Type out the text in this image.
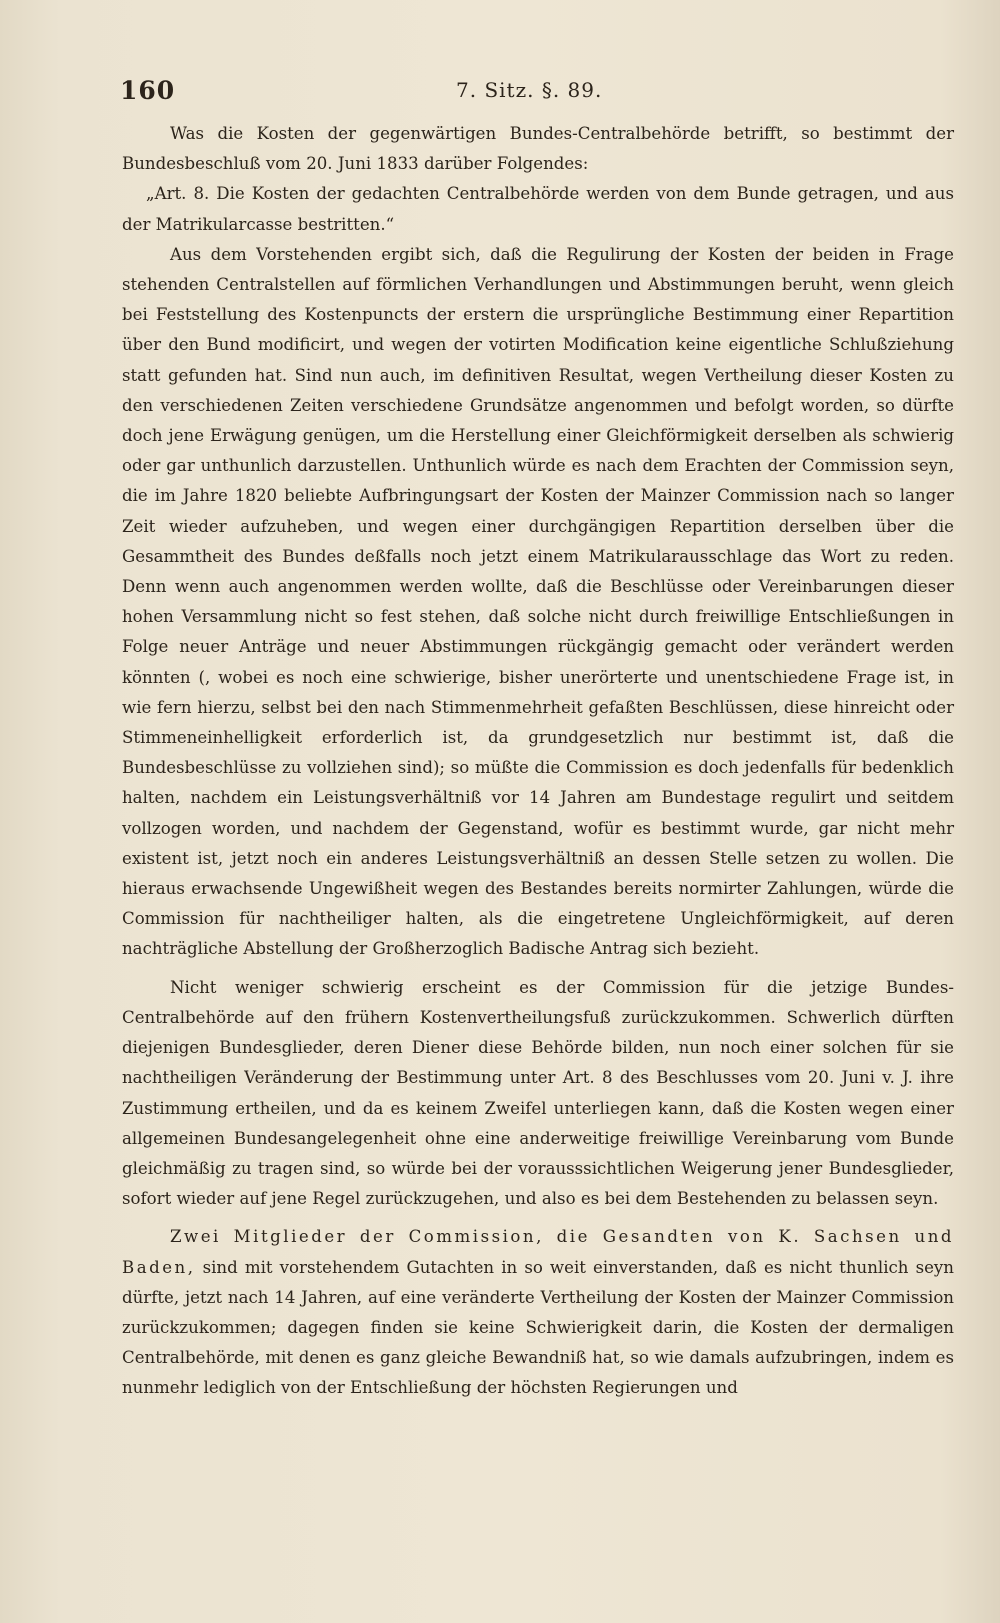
160	7. Sitz. §. 89.

Was die Kosten der gegenwärtigen Bundes-Centralbehörde betrifft, so bestimmt der Bundesbeschluß vom 20. Juni 1833 darüber Folgendes:

„Art. 8. Die Kosten der gedachten Centralbehörde werden von dem Bunde getragen, und aus der Matrikularcasse bestritten.“

Aus dem Vorstehenden ergibt sich, daß die Regulirung der Kosten der beiden in Frage stehenden Centralstellen auf förmlichen Verhandlungen und Abstimmungen beruht, wenn gleich bei Feststellung des Kostenpuncts der erstern die ursprüngliche Bestimmung einer Repartition über den Bund modificirt, und wegen der votirten Modification keine eigentliche Schlußziehung statt gefunden hat. Sind nun auch, im definitiven Resultat, wegen Vertheilung dieser Kosten zu den verschiedenen Zeiten verschiedene Grundsätze angenommen und befolgt worden, so dürfte doch jene Erwägung genügen, um die Herstellung einer Gleichförmigkeit derselben als schwierig oder gar unthunlich darzustellen. Unthunlich würde es nach dem Erachten der Commission seyn, die im Jahre 1820 beliebte Aufbringungsart der Kosten der Mainzer Commission nach so langer Zeit wieder aufzuheben, und wegen einer durchgängigen Repartition derselben über die Gesammtheit des Bundes deßfalls noch jetzt einem Matrikularausschlage das Wort zu reden. Denn wenn auch angenommen werden wollte, daß die Beschlüsse oder Vereinbarungen dieser hohen Versammlung nicht so fest stehen, daß solche nicht durch freiwillige Entschließungen in Folge neuer Anträge und neuer Abstimmungen rückgängig gemacht oder verändert werden könnten (, wobei es noch eine schwierige, bisher unerörterte und unentschiedene Frage ist, in wie fern hierzu, selbst bei den nach Stimmenmehrheit gefaßten Beschlüssen, diese hinreicht oder Stimmeneinhelligkeit erforderlich ist, da grundgesetzlich nur bestimmt ist, daß die Bundesbeschlüsse zu vollziehen sind); so müßte die Commission es doch jedenfalls für bedenklich halten, nachdem ein Leistungsverhältniß vor 14 Jahren am Bundestage regulirt und seitdem vollzogen worden, und nachdem der Gegenstand, wofür es bestimmt wurde, gar nicht mehr existent ist, jetzt noch ein anderes Leistungsverhältniß an dessen Stelle setzen zu wollen. Die hieraus erwachsende Ungewißheit wegen des Bestandes bereits normirter Zahlungen, würde die Commission für nachtheiliger halten, als die eingetretene Ungleichförmigkeit, auf deren nachträgliche Abstellung der Großherzoglich Badische Antrag sich bezieht.

Nicht weniger schwierig erscheint es der Commission für die jetzige Bundes-Centralbehörde auf den frühern Kostenvertheilungsfuß zurückzukommen. Schwerlich dürften diejenigen Bundesglieder, deren Diener diese Behörde bilden, nun noch einer solchen für sie nachtheiligen Veränderung der Bestimmung unter Art. 8 des Beschlusses vom 20. Juni v. J. ihre Zustimmung ertheilen, und da es keinem Zweifel unterliegen kann, daß die Kosten wegen einer allgemeinen Bundesangelegenheit ohne eine anderweitige freiwillige Vereinbarung vom Bunde gleichmäßig zu tragen sind, so würde bei der vorausssichtlichen Weigerung jener Bundesglieder, sofort wieder auf jene Regel zurückzugehen, und also es bei dem Bestehenden zu belassen seyn.

Zwei Mitglieder der Commission, die Gesandten von K. Sachsen und Baden, sind mit vorstehendem Gutachten in so weit einverstanden, daß es nicht thunlich seyn dürfte, jetzt nach 14 Jahren, auf eine veränderte Vertheilung der Kosten der Mainzer Commission zurückzukommen; dagegen finden sie keine Schwierigkeit darin, die Kosten der dermaligen Centralbehörde, mit denen es ganz gleiche Bewandniß hat, so wie damals aufzubringen, indem es nunmehr lediglich von der Entschließung der höchsten Regierungen und
